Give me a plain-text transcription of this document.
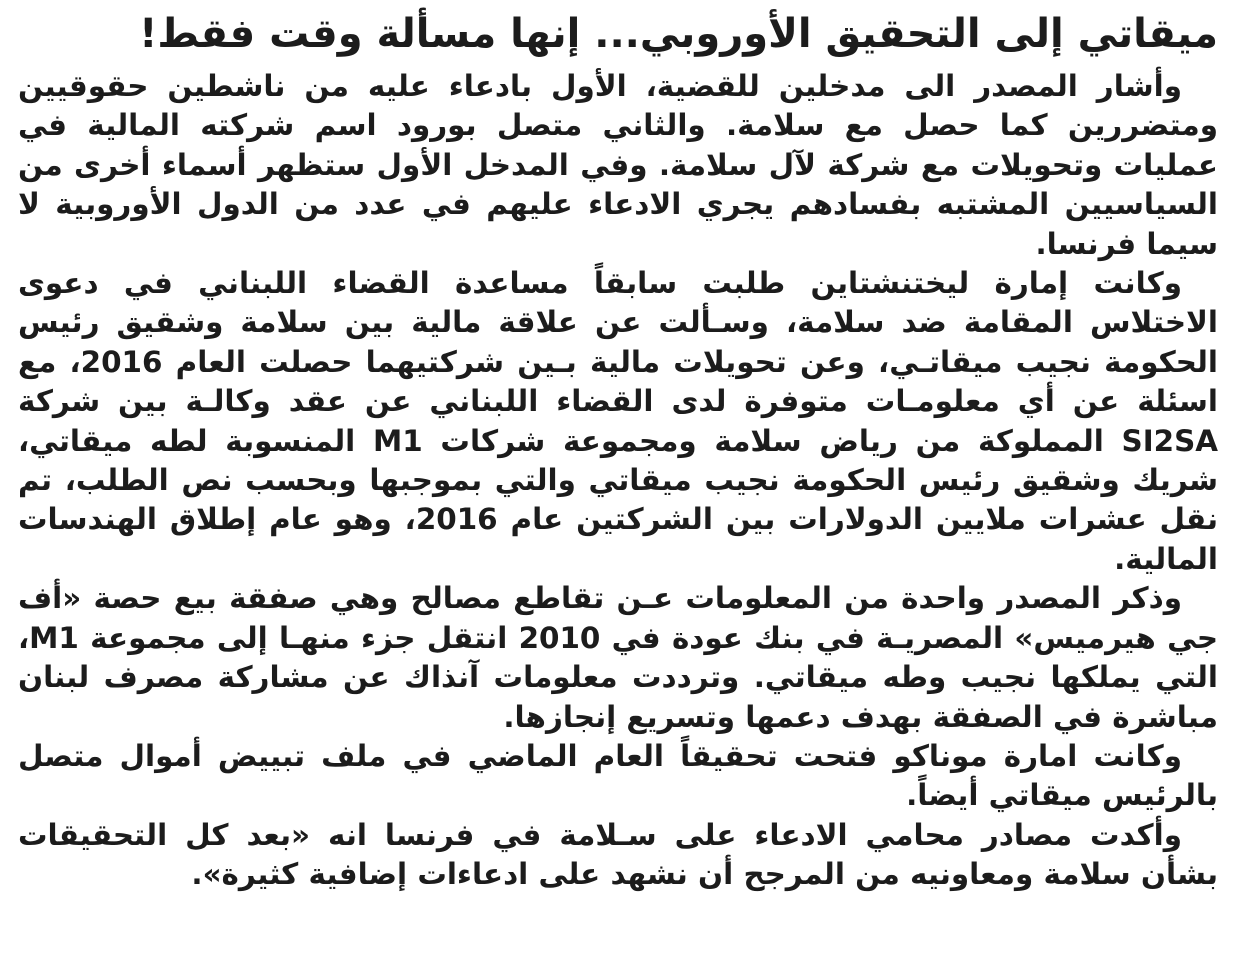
ميقاتي إلى التحقيق الأوروبي... إنها مسألة وقت فقط!

وأشار المصدر الى مدخلين للقضية، الأول بادعاء عليه من ناشطين حقوقيين ومتضررين كما حصل مع سلامة. والثاني متصل بورود اسم شركته المالية في عمليات وتحويلات مع شركة لآل سلامة. وفي المدخل الأول ستظهر أسماء أخرى من السياسيين المشتبه بفسادهم يجري الادعاء عليهم في عدد من الدول الأوروبية لا سيما فرنسا.

وكانت إمارة ليختنشتاين طلبت سابقاً مساعدة القضاء اللبناني في دعوى الاختلاس المقامة ضد سلامة، وسـألت عن علاقة مالية بين سلامة وشقيق رئيس الحكومة نجيب ميقاتـي، وعن تحويلات مالية بـين شركتيهما حصلت العام 2016، مع اسئلة عن أي معلومـات متوفرة لدى القضاء اللبناني عن عقد وكالـة بين شركة SI2SA المملوكة من رياض سلامة ومجموعة شركات M1 المنسوبة لطه ميقاتي، شريك وشقيق رئيس الحكومة نجيب ميقاتي والتي بموجبها وبحسب نص الطلب، تم نقل عشرات ملايين الدولارات بين الشركتين عام 2016، وهو عام إطلاق الهندسات المالية.

وذكر المصدر واحدة من المعلومات عـن تقاطع مصالح وهي صفقة بيع حصة «أف جي هيرميس» المصريـة في بنك عودة في 2010 انتقل جزء منهـا إلى مجموعة M1، التي يملكها نجيب وطه ميقاتي. وترددت معلومات آنذاك عن مشاركة مصرف لبنان مباشرة في الصفقة بهدف دعمها وتسريع إنجازها.

وكانت امارة موناكو فتحت تحقيقاً العام الماضي في ملف تبييض أموال متصل بالرئيس ميقاتي أيضاً.

وأكدت مصادر محامي الادعاء على سـلامة في فرنسا انه «بعد كل التحقيقات بشأن سلامة ومعاونيه من المرجح أن نشهد على ادعاءات إضافية كثيرة».
